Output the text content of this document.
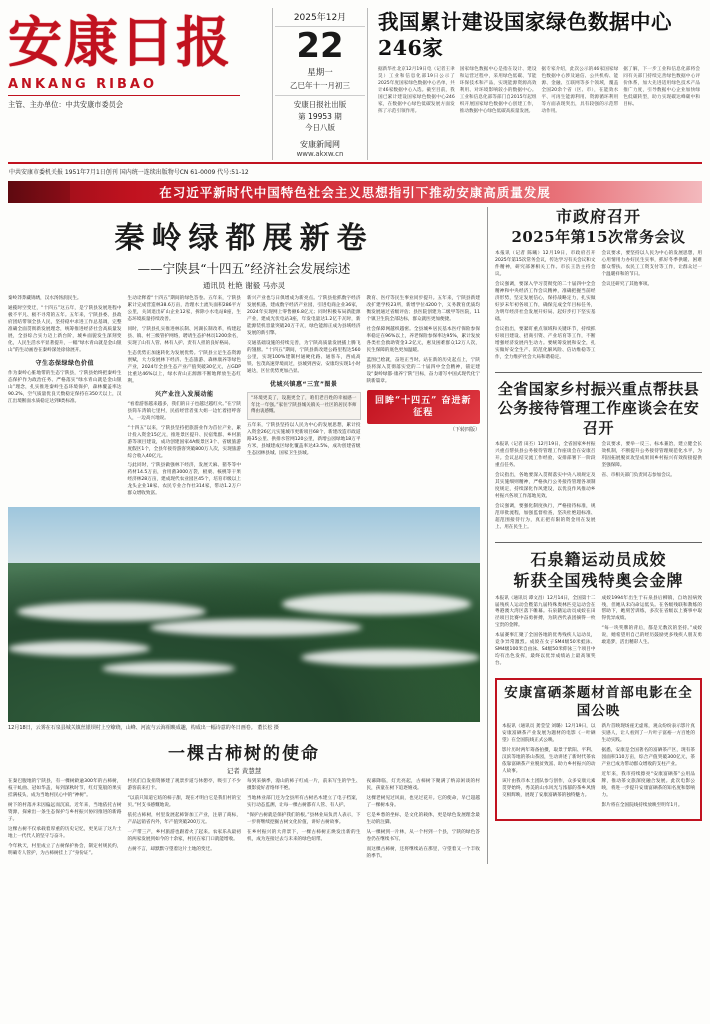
安康日报
ANKANG RIBAO
主管、主办单位：中共安康市委员会
2025年12月
22
星期一
乙巳年十一月初三
安康日报社出版
第 19953 期
今日八版
安康新闻网
www.akxw.cn
我国累计建设国家绿色数据中心246家
据新华社北京12月19日电（记者王聿昊）工业和信息化部19日公示了2025年度国家绿色数据中心名单，共计46家数据中心入选。截至目前，我国已累计建设国家绿色数据中心246家，在数据中心绿色低碳发展方面发挥了示范引领作用。
国家绿色数据中心是指在设计、建设和运营过程中，采用绿色低碳、节能环保技术和产品，实现能源资源高效利用、对环境影响较小的数据中心。工业和信息化部等部门自2015年起组织开展国家绿色数据中心创建工作，推动数据中心绿色低碳高质量发展。
据专家介绍，此次公示的46家国家绿色数据中心涉及通信、公共机构、能源、金融、互联网等多个领域，覆盖全国20余个省（区、市），在能效水平、可再生能源利用、资源循环利用等方面表现突出，具有较强的示范带动作用。
据了解，下一步工业和信息化部将会同有关部门持续完善绿色数据中心评价体系，加大先进适用绿色技术产品推广力度，引导数据中心企业加快绿色低碳转型，助力实现碳达峰碳中和目标。
中共安康市委机关报 1951年7月1日创刊 国内统一连续出版物号CN 61-0009 代号:51-12
在习近平新时代中国特色社会主义思想指引下推动安康高质量发展
秦岭绿都展新卷
——宁陕县“十四五”经济社会发展综述
通讯员 杜艳 谢毅 马亦灵

秦岭莽莽藏锦绣，汉水汤汤润民生。

通揽时空变迁，“十四五”这五年，是宁陕县发展进程中极不平凡、极不寻常的五年。五年来，宁陕县委、县政府团结带领全县人民，坚持稳中求进工作总基调，完整准确全面贯彻新发展理念，统筹推进经济社会高质量发展，全县综合实力迈上新台阶，城乡面貌发生深刻变化，人民生活水平显著提升，一幅“绿水青山就是金山银山”的生动画卷在秦岭深处徐徐展开。

守生态保绿绿色价值

作为秦岭心脏地带的生态宁陕县，宁陕县始终把秦岭生态保护作为政治任务、严格落实“绿水青山就是金山银山”理念，扎实推进秦岭生态环境保护，森林覆盖率达90.2%，空气质量优良天数稳定保持在350天以上，汉江出境断面水质稳定达到Ⅱ类标准。

生动诠释着“十四五”期间的绿色答卷。五年来，宁陕县累计完成营造林38.6万亩，治理水土流失面积286平方公里，关闭退出矿山企业12家，拆除小水电站8座，生态环境质量持续改善。

同时，宁陕县扎实推进林长制、河湖长制改革，构建起县、镇、村三级管护网络，聘请生态护林员1200余名，实现了山有人管、林有人护、责有人担的良好格局。

生态优势正加速转化为发展优势。宁陕县立足生态资源禀赋，大力发展林下经济、生态旅游、森林康养等绿色产业，2024年全县生态产业产值突破30亿元，占GDP比重达46%以上，绿水青山正源源不断地释放生态红利。

兴产业注入发展动能

“看着游客越来越多，我们的日子也越过越红火。”在宁陕县筒车湾镇七里村，民宿经营者张大姐一边忙着招呼客人，一边高兴地说。

“十四五”以来，宁陕县坚持把旅游业作为首位产业，累计投入资金15亿元，推进景区提升、民宿集群、乡村旅游等项目建设，成功创建国家4A级景区3个、省级旅游度假区1个，全县年接待游客突破800万人次，实现旅游综合收入40亿元。

与此同时，宁陕县做强林下经济，发展天麻、猪苓等中药材14.5万亩，食用菌3000万袋，板栗、核桃等干果经济林28万亩，建成现代农业园区45个，培育市级以上龙头企业18家、农民专业合作社314家，带动1.2万户群众增收致富。

新兴产业也与日俱增成为新亮点。宁陕县抢抓数字经济发展机遇，建成数字经济产业园，引进电商企业36家，2024年实现网上零售额6.8亿元；同时积极布局新能源产业，建成光伏电站3座，年发电量达1.2亿千瓦时，新能源装机容量突破20万千瓦，绿色能源正成为县域经济发展的新引擎。

交通基础设施的持续完善，为宁陕高质量发展插上腾飞的翅膀。“十四五”期间，宁陕县新改建公路里程达560公里，实现100%建制村通硬化路、通客车，西成高铁、包茂高速穿境而过，县城到西安、安康均实现1小时通达，区位优势更加凸显。

优城兴镇惠“三宜”图景
“环境更美了，设施更全了，咱们老百姓的幸福感一年比一年强。”家住宁陕县城关镇关一社区的居民李师傅由衷感慨。

五年来，宁陕县坚持以人民为中心的发展思想，累计投入资金26亿元实施城市更新项目68个，新建改造市政道路35公里、供排水管网120公里，新增公园绿地18万平方米，县城建成区绿化覆盖率达43.5%，成功创建省级生态园林县城、国家卫生县城。

教育、医疗等民生事业同步提升。五年来，宁陕县新建改扩建学校23所，新增学位4200个，义务教育优质均衡发展通过省级评估；县医院创建为二级甲等医院，11个镇卫生院全部达标，群众就医更加便捷。

社会保障网越织越密。全县城乡居民基本医疗保险参保率稳定在96%以上，养老保险参保率达95%，累计发放各类社会救助资金3.2亿元，惠及困难群众12万人次，民生保障的底色更加温暖。

蓝图已绘就，奋进正当时。站在新的历史起点上，宁陕县将深入贯彻落实党的二十届四中全会精神，锚定建设“秦岭绿都·康养宁陕”目标，奋力谱写中国式现代化宁陕新篇章。

回眸“十四五” 奋进新征程
（下转四版）
12月18日，云雾在石泉县城关镇丝银坝村上空缭绕，山峰、河流与云海相映成趣，构成出一幅诗意的冬日画卷。 董长松 摄
一棵古柿树的使命
记者 黄慧慧

在秦巴腹地的宁陕县，有一棵树龄逾300年的古柿树，枝干虬曲、冠如华盖，每到深秋时节，红灯笼般的果实挂满枝头，成为当地村民心中的“神树”。

树下的村落并未因偏远而沉寂。近年来，当地依托古树资源，探索出一条生态保护与乡村振兴协同推进的新路子。

这棵古树不仅承载着厚重的历史记忆，更见证了这片土地上一代代人的坚守与奋斗。

今年秋天，村里成立了古树保护协会，制定村规民约，明确专人管护，为古柿树挂上了“身份证”。

村民们自发捐资修建了观景步道与休憩亭，吸引了不少游客前来打卡。

“以前只知道它结的柿子甜，现在才明白它是我们村的宝贝。”村支书感慨地说。

依托古柿树，村里发展起柿饼加工产业，注册了商标，产品远销省内外，年产值突破200万元。

一产带三产，乡村旅游也跟着火了起来。农家乐从最初的两家发展到如今的十余家，村民在家门口就能增收。

古树不言，却默默守望着这片土地的变迁。

每到采摘季，漫山的柿子红成一片，前来写生的学生、摄影爱好者络绎不绝。

当地林业部门还为全县所有古树名木建立了电子档案，实行动态监测，让每一棵古树都有人管、有人护。

“保护古树就是保护我们的根。”县林业局负责人表示，下一步将继续挖掘古树文化价值，讲好古树故事。

在乡村振兴的大背景下，一棵古柿树正焕发出新的生机，成为连接过去与未来的绿色纽带。

夜幕降临，灯光亮起，古柿树下聚满了纳凉闲谈的村民，孩童在树下追逐嬉戏。

这棵老树见过风雨，也见过花开。它的使命，早已超越了一棵树本身。

它是乡愁的坐标，是文化的载体，更是绿色发展理念最生动的注脚。

从一棵树到一片林，从一个村到一个县，宁陕的绿色答卷仍在继续书写。

而这棵古柿树，还将继续站在那里，守望着又一个丰收的季节。

市政府召开
2025年第15次常务会议

本报讯（记者 陈曦）12月19日，市政府召开2025年第15次常务会议，传达学习有关会议和文件精神，研究部署相关工作。市长王浩主持会议。

会议强调，要深入学习贯彻党的二十届四中全会精神和中央经济工作会议精神，准确把握当前经济形势，坚定发展信心，保持战略定力，扎实做好岁末年初各项工作，确保完成全年目标任务，为明年经济社会发展开好局、起好步打下坚实基础。

会议指出，要紧盯重点领域和关键环节，持续抓好项目建设、招商引资、产业培育等工作，不断增强经济发展内生动力。要统筹发展和安全，扎实做好安全生产、防范化解风险、信访维稳等工作，全力维护社会大局和谐稳定。

会议要求，要坚持以人民为中心的发展思想，用心用情用力办好民生实事，抓好冬季供暖、困难群众帮扶、农民工工资支付等工作，让群众过一个温暖祥和的节日。

会议还研究了其他事项。

全省国家乡村振兴重点帮扶县
公务接待管理工作座谈会在安召开

本报讯（记者 田丕）12月19日，全省国家乡村振兴重点帮扶县公务接待管理工作座谈会在安康召开。会议总结交流工作经验，安排部署下一阶段重点任务。

会议指出，各地要深入贯彻落实中央八项规定及其实施细则精神，严格执行公务接待管理各项制度规定，持续深化作风建设，以优良作风推动乡村振兴各项工作落地见效。

会议强调，要强化制度执行，严格接待标准，规范审批流程，加强监督检查，坚决杜绝超标准、超范围接待行为，真正把有限的资金用在发展上、用在民生上。

会议要求，要举一反三、标本兼治，建立健全长效机制，不断提升公务接待管理规范化水平，为巩固拓展脱贫攻坚成果同乡村振兴有效衔接提供坚强保障。

省、市相关部门负责同志参加会议。

石泉籍运动员成姣
斩获全国残特奥会金牌

本报讯（通讯员 谭文昌）12月14日，全国第十二届残疾人运动会暨第九届特殊奥林匹克运动会在粤港澳大湾区落下帷幕。石泉籍运动员成姣在田径项目比赛中奋勇拼搏，为陕西代表团摘得一枚宝贵的金牌。

本届赛事汇聚了全国各地的优秀残疾人运动员，竞争异常激烈。成姣在女子SM4级50米蛙泳、SM4级100米自由泳、S4级50米仰泳三个项目中均有出色发挥，最终以优异成绩站上最高领奖台。

成姣1994年出生于石泉县后柳镇，自幼因病致残，但她从未向命运低头。在各级残联和教练的帮助下，她刻苦训练，多次在省级以上赛事中取得优异成绩。

“每一块奖牌的背后，都是无数次的坚持。”成姣说，她希望用自己的经历鼓励更多残疾人朋友勇敢追梦，活出精彩人生。

安康富硒茶题材首部电影在全国公映

本报讯（通讯员 龚莹莹 刘璐）12月19日，以安康富硒茶产业发展为题材的电影《一叶硒望》在全国院线正式公映。

影片历时两年筹备拍摄，取景于紫阳、平利、汉滨等地的茶山茶园，生动讲述了新时代茶农依靠富硒茶产业脱贫致富、助力乡村振兴的动人故事。

该片由我市本土团队参与创作，众多安康元素贯穿始终，秀美的山水风光与浓郁的茶乡风情交相辉映，展现了安康富硒茶的独特魅力。

新片首映现场座无虚席，观众纷纷表示影片真实感人，让人看到了一片叶子富裕一方百姓的生动实践。

据悉，安康是全国著名的富硒茶产区，现有茶园面积110万亩，综合产值突破300亿元，茶产业已成为带动群众增收的支柱产业。

近年来，我市持续擦亮“安康富硒茶”公用品牌，推动茶文旅深度融合发展。此次电影公映，将进一步提升安康富硒茶的知名度和影响力。

影片将在全国院线持续放映至明年1月。
